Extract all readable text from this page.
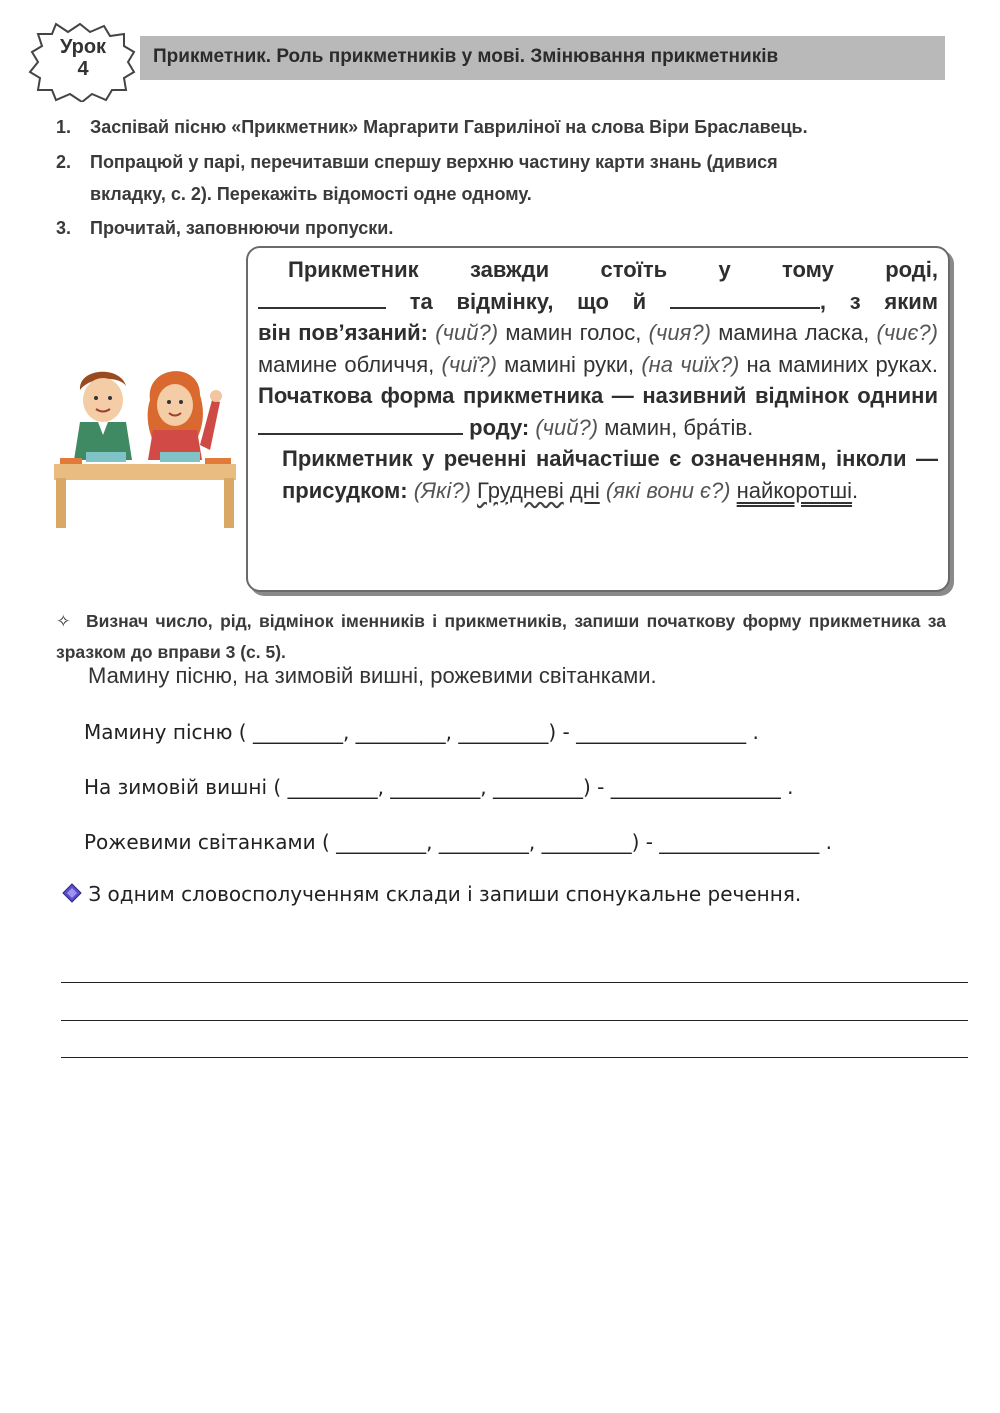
Урок
4
Прикметник. Роль прикметників у мові. Змінювання прикметників
1. Заспівай пісню «Прикметник» Маргарити Гавриліної на слова Віри Браславець.
2. Попрацюй у парі, перечитавши спершу верхню частину карти знань (дивися
вкладку, с. 2). Перекажіть відомості одне одному.
3. Прочитай, заповнюючи пропуски.
Прикметник завжди стоїть у тому роді,
та відмінку, що й	, з яким
він пов’язаний: (чий?) мамин голос, (чия?) мамина ласка, (чиє?) мамине обличчя, (чиї?) мамині руки, (на чиїх?) на маминих руках. Початкова форма прикметника — називний відмінок однини
роду: (чий?) мамин, бра́тів.
Прикметник у реченні найчастіше є означенням, інколи — присудком: (Які?) Грудневі дні (які вони є?) найкоротші.
✧ Визнач число, рід, відмінок іменників і прикметників, запиши початкову форму прикметника за зразком до вправи 3 (с. 5).
Мамину пісню, на зимовій вишні, рожевими світанками.
Мамину пісню ( _________, _________, _________) - _________________ .
На зимовій вишні ( _________, _________, _________) - _________________ .
Рожевими світанками ( _________, _________, _________) - ________________ .
З одним словосполученням склади і запиши спонукальне речення.
